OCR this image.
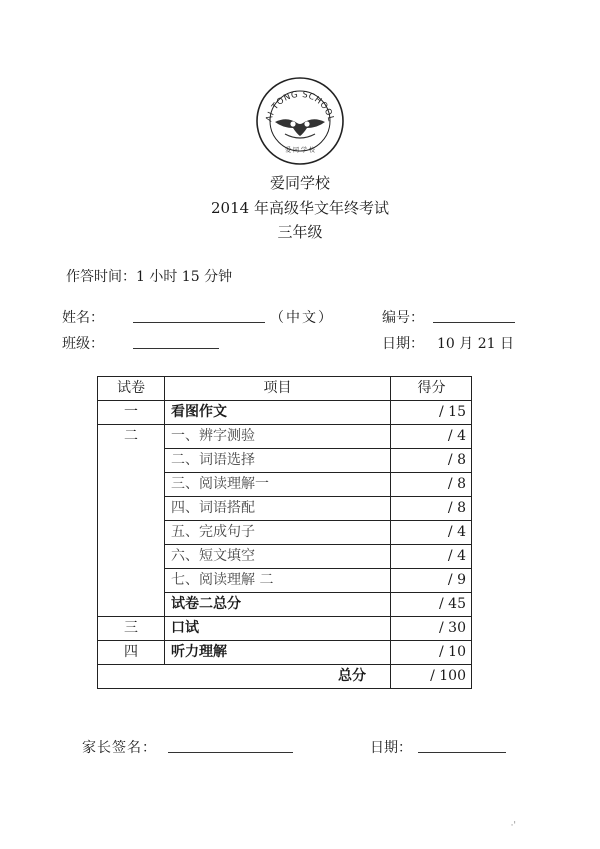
AI TONG SCHOOL
爱 同 学 校
爱同学校
2014 年高级华文年终考试
三年级
作答时间：1 小时 15 分钟
姓名：	（中文）	编号：
班级：	日期： 10 月 21 日
试卷	项目	得分
一	看图作文	/ 15
二	一、辨字测验	/ 4
	二、词语选择	/ 8
	三、阅读理解一	/ 8
	四、词语搭配	/ 8
	五、完成句子	/ 4
	六、短文填空	/ 4
	七、阅读理解 二	/ 9
	试卷二总分	/ 45
三	口试	/ 30
四	听力理解	/ 10
总分		/ 100
家长签名：	日期：
·'
